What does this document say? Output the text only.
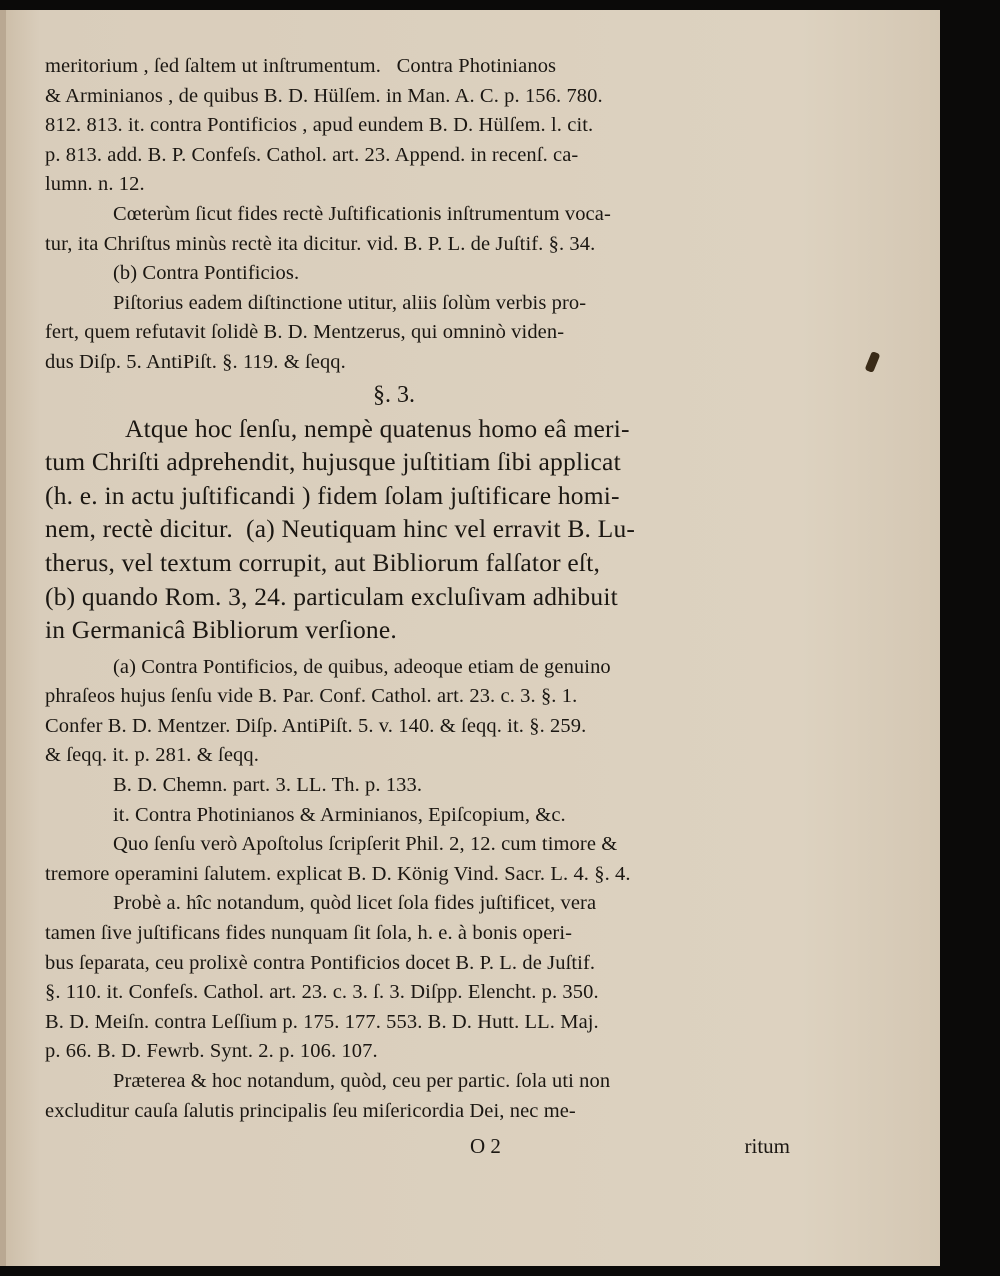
meritorium , ſed ſaltem ut inſtrumentum.   Contra Photinianos
& Arminianos , de quibus B. D. Hülſem. in Man. A. C. p. 156. 780.
812. 813. it. contra Pontificios , apud eundem B. D. Hülſem. l. cit.
p. 813. add. B. P. Confeſs. Cathol. art. 23. Append. in recenſ. ca-
lumn. n. 12.
Cœterùm ſicut fides rectè Juſtificationis inſtrumentum voca-
tur, ita Chriſtus minùs rectè ita dicitur. vid. B. P. L. de Juſtif. §. 34.
(b) Contra Pontificios.
Piſtorius eadem diſtinctione utitur, aliis ſolùm verbis pro-
fert, quem refutavit ſolidè B. D. Mentzerus, qui omninò viden-
dus Diſp. 5. AntiPiſt. §. 119. & ſeqq.
§. 3.
Atque hoc ſenſu, nempè quatenus homo eâ meri-
tum Chriſti adprehendit, hujusque juſtitiam ſibi applicat
(h. e. in actu juſtificandi ) fidem ſolam juſtificare homi-
nem, rectè dicitur.  (a) Neutiquam hinc vel erravit B. Lu-
therus, vel textum corrupit, aut Bibliorum falſator eſt,
(b) quando Rom. 3, 24. particulam excluſivam adhibuit
in Germanicâ Bibliorum verſione.
(a) Contra Pontificios, de quibus, adeoque etiam de genuino
phraſeos hujus ſenſu vide B. Par. Conf. Cathol. art. 23. c. 3. §. 1.
Confer B. D. Mentzer. Diſp. AntiPiſt. 5. v. 140. & ſeqq. it. §. 259.
& ſeqq. it. p. 281. & ſeqq.
B. D. Chemn. part. 3. LL. Th. p. 133.
it. Contra Photinianos & Arminianos, Epiſcopium, &c.
Quo ſenſu verò Apoſtolus ſcripſerit Phil. 2, 12. cum timore &
tremore operamini ſalutem. explicat B. D. König Vind. Sacr. L. 4. §. 4.
Probè a. hîc notandum, quòd licet ſola fides juſtificet, vera
tamen ſive juſtificans fides nunquam ſit ſola, h. e. à bonis operi-
bus ſeparata, ceu prolixè contra Pontificios docet B. P. L. de Juſtif.
§. 110. it. Confeſs. Cathol. art. 23. c. 3. ſ. 3. Diſpp. Elencht. p. 350.
B. D. Meiſn. contra Leſſium p. 175. 177. 553. B. D. Hutt. LL. Maj.
p. 66. B. D. Fewrb. Synt. 2. p. 106. 107.
Præterea & hoc notandum, quòd, ceu per partic. ſola uti non
excluditur cauſa ſalutis principalis ſeu miſericordia Dei, nec me-
O 2	ritum
